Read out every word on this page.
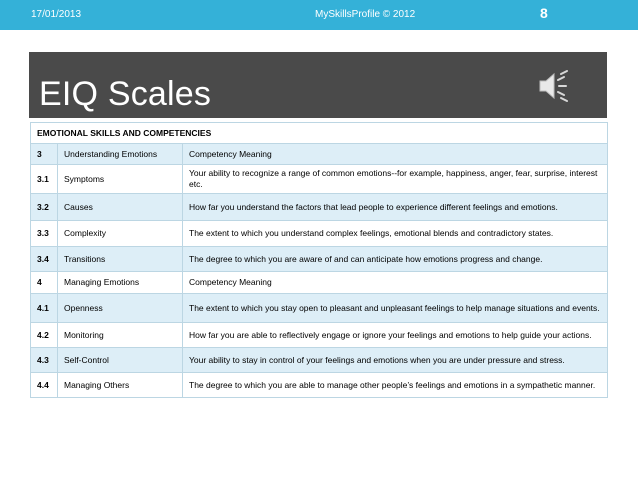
17/01/2013	MySkillsProfile © 2012	8
EIQ Scales
EMOTIONAL SKILLS AND COMPETENCIES		
3	Understanding Emotions	Competency Meaning
3.1	Symptoms	Your ability to recognize a range of common emotions--for example, happiness, anger, fear, surprise, interest etc.
3.2	Causes	How far you understand the factors that lead people to experience different feelings and emotions.
3.3	Complexity	The extent to which you understand complex feelings, emotional blends and contradictory states.
3.4	Transitions	The degree to which you are aware of and can anticipate how emotions progress and change.
4	Managing Emotions	Competency Meaning
4.1	Openness	The extent to which you stay open to pleasant and unpleasant feelings to help manage situations and events.
4.2	Monitoring	How far you are able to reflectively engage or ignore your feelings and emotions to help guide your actions.
4.3	Self-Control	Your ability to stay in control of your feelings and emotions when you are under pressure and stress.
4.4	Managing Others	The degree to which you are able to manage other people’s feelings and emotions in a sympathetic manner.
